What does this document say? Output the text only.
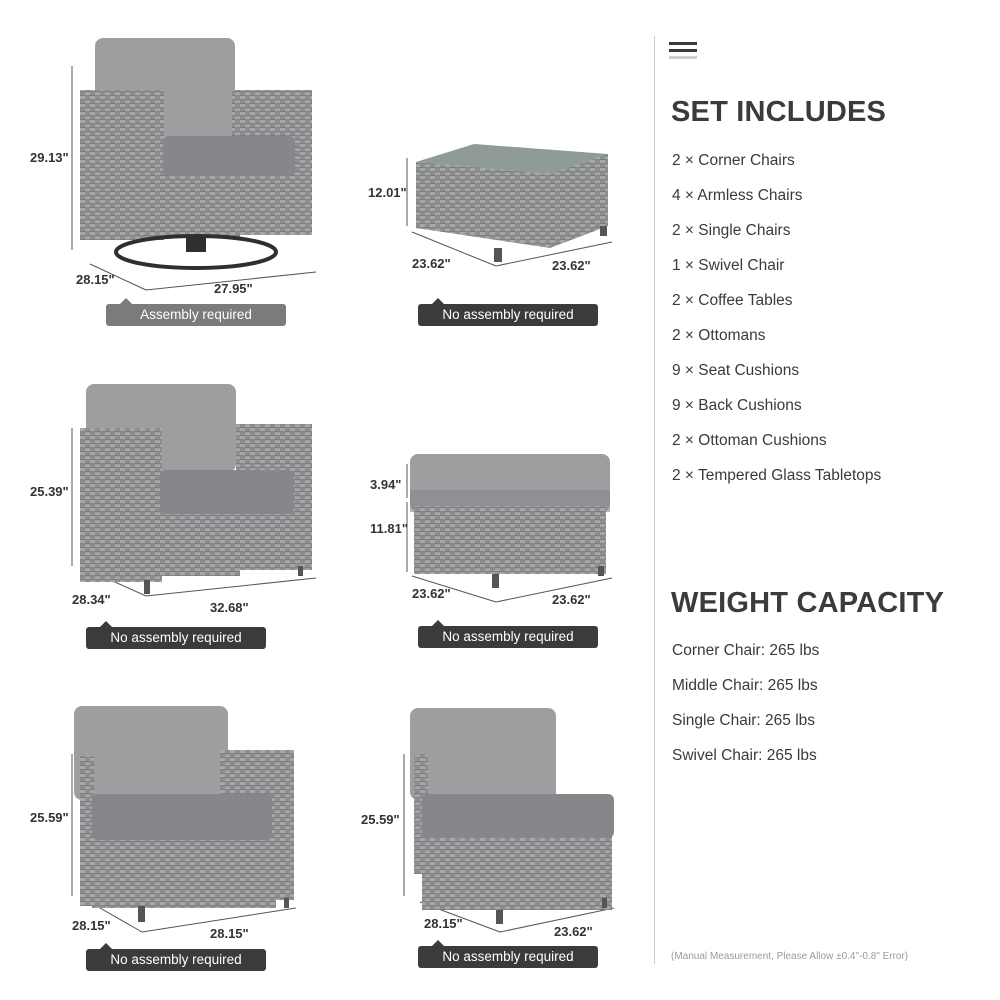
29.13"
28.15"
27.95"
Assembly required
12.01"
23.62"	23.62"
No assembly required
25.39"
28.34"
32.68"
No assembly required
3.94"
11.81"
23.62"	23.62"
No assembly required
25.59"
28.15"
28.15"
No assembly required
25.59"
28.15"
23.62"
No assembly required
SET INCLUDES
2 × Corner Chairs
4 × Armless Chairs
2 × Single Chairs
1 × Swivel Chair
2 × Coffee Tables
2 × Ottomans
9 × Seat Cushions
9 × Back Cushions
2 × Ottoman Cushions
2 × Tempered Glass Tabletops
WEIGHT CAPACITY
Corner Chair: 265 lbs
Middle Chair: 265 lbs
Single Chair: 265 lbs
Swivel Chair: 265 lbs
(Manual Measurement, Please Allow ±0.4"-0.8" Error)
